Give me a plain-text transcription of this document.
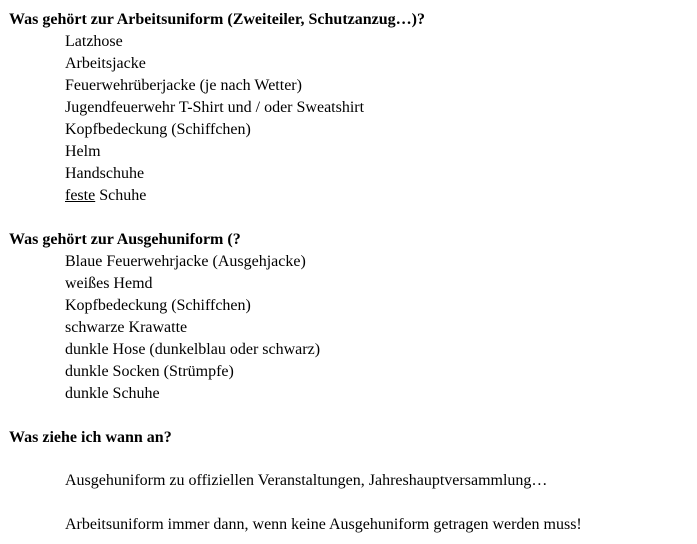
Was gehört zur Arbeitsuniform (Zweiteiler, Schutzanzug…)?
Latzhose
Arbeitsjacke
Feuerwehrüberjacke (je nach Wetter)
Jugendfeuerwehr T-Shirt und / oder Sweatshirt
Kopfbedeckung (Schiffchen)
Helm
Handschuhe
feste Schuhe
Was gehört zur Ausgehuniform (?
Blaue Feuerwehrjacke (Ausgehjacke)
weißes Hemd
Kopfbedeckung (Schiffchen)
schwarze Krawatte
dunkle Hose (dunkelblau oder schwarz)
dunkle Socken (Strümpfe)
dunkle Schuhe
Was ziehe ich wann an?
Ausgehuniform zu offiziellen Veranstaltungen, Jahreshauptversammlung…
Arbeitsuniform immer dann, wenn keine Ausgehuniform getragen werden muss!
